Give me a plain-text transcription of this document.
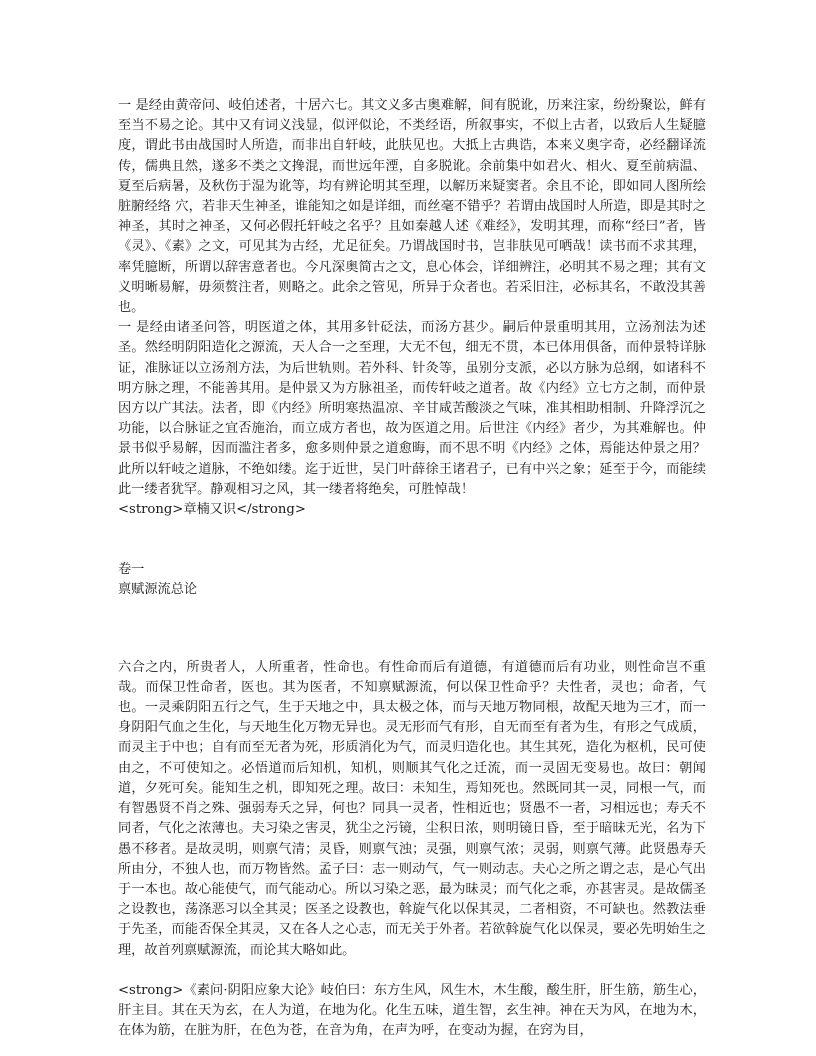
一 是经由黄帝问、岐伯述者，十居六七。其文义多古奥难解，间有脱讹，历来注家，纷纷聚讼，鲜有至当不易之论。其中又有词义浅显，似评似论，不类经语，所叙事实，不似上古者，以致后人生疑臆度，谓此书由战国时人所造，而非出自轩岐，此肤见也。大抵上古典诰，本来义奥字奇，必经翻译流传，儒典且然，遂多不类之文搀混，而世远年湮，自多脱讹。余前集中如君火、相火、夏至前病温、夏至后病暑，及秋伤于湿为讹等，均有辨论明其至理，以解历来疑窦者。余且不论，即如同人图所绘脏腑经络 穴，若非天生神圣，谁能知之如是详细，而丝毫不错乎？若谓由战国时人所造，即是其时之神圣，其时之神圣，又何必假托轩岐之名乎？且如秦越人述《难经》，发明其理，而称“经曰”者，皆《灵》、《素》之文，可见其为古经，尤足征矣。乃谓战国时书，岂非肤见可哂哉！读书而不求其理，率凭臆断，所谓以辞害意者也。今凡深奥简古之文，息心体会，详细辨注，必明其不易之理；其有文义明晰易解，毋须赘注者，则略之。此余之管见，所异于众者也。若采旧注，必标其名，不敢没其善也。

一 是经由诸圣问答，明医道之体，其用多针砭法，而汤方甚少。嗣后仲景重明其用，立汤剂法为述圣。然经明阴阳造化之源流，天人合一之至理，大无不包，细无不贯，本已体用俱备，而仲景特详脉证，准脉证以立汤剂方法，为后世轨则。若外科、针灸等，虽别分支派，必以方脉为总纲，如诸科不明方脉之理，不能善其用。是仲景又为方脉祖圣，而传轩岐之道者。故《内经》立七方之制，而仲景因方以广其法。法者，即《内经》所明寒热温凉、辛甘咸苦酸淡之气味，准其相助相制、升降浮沉之功能，以合脉证之宜否施治，而立成方者也，故为医道之用。后世注《内经》者少，为其难解也。仲景书似乎易解，因而滥注者多，愈多则仲景之道愈晦，而不思不明《内经》之体，焉能达仲景之用？此所以轩岐之道脉，不绝如缕。迄于近世，吴门叶薛徐王诸君子，已有中兴之象；延至于今，而能续此一缕者犹罕。静观相习之风，其一缕者将绝矣，可胜悼哉！

<strong>章楠又识</strong>

卷一

禀赋源流总论

六合之内，所贵者人，人所重者，性命也。有性命而后有道德，有道德而后有功业，则性命岂不重哉。而保卫性命者，医也。其为医者，不知禀赋源流，何以保卫性命乎？夫性者，灵也；命者，气也。一灵乘阴阳五行之气，生于天地之中，具太极之体，而与天地万物同根，故配天地为三才，而一身阴阳气血之生化，与天地生化万物无异也。灵无形而气有形，自无而至有者为生，有形之气成质，而灵主于中也；自有而至无者为死，形质消化为气，而灵归造化也。其生其死，造化为枢机，民可使由之，不可使知之。必悟道而后知机，知机，则顺其气化之迁流，而一灵固无变易也。故曰：朝闻道，夕死可矣。能知生之机，即知死之理。故曰：未知生，焉知死也。然既同其一灵，同根一气，而有智愚贤不肖之殊、强弱寿夭之异，何也？同具一灵者，性相近也；贤愚不一者，习相远也；寿夭不同者，气化之浓薄也。夫习染之害灵，犹尘之污镜，尘积日浓，则明镜日昏，至于暗昧无光，名为下愚不移者。是故灵明，则禀气清；灵昏，则禀气浊；灵强，则禀气浓；灵弱，则禀气薄。此贤愚寿夭所由分，不独人也，而万物皆然。孟子曰：志一则动气，气一则动志。夫心之所之谓之志，是心气出于一本也。故心能使气，而气能动心。所以习染之恶，最为昧灵；而气化之乖，亦甚害灵。是故儒圣之设教也，荡涤恶习以全其灵；医圣之设教也，斡旋气化以保其灵，二者相资，不可缺也。然教法垂于先圣，而能否保全其灵，又在各人之心志，而无关于外者。若欲斡旋气化以保灵，要必先明始生之理，故首列禀赋源流，而论其大略如此。

<strong>《素问·阴阳应象大论》岐伯曰：东方生风，风生木，木生酸，酸生肝，肝生筋，筋生心，肝主目。其在天为玄，在人为道，在地为化。化生五味，道生智，玄生神。神在天为风，在地为木，在体为筋，在脏为肝，在色为苍，在音为角，在声为呼，在变动为握，在窍为目，
